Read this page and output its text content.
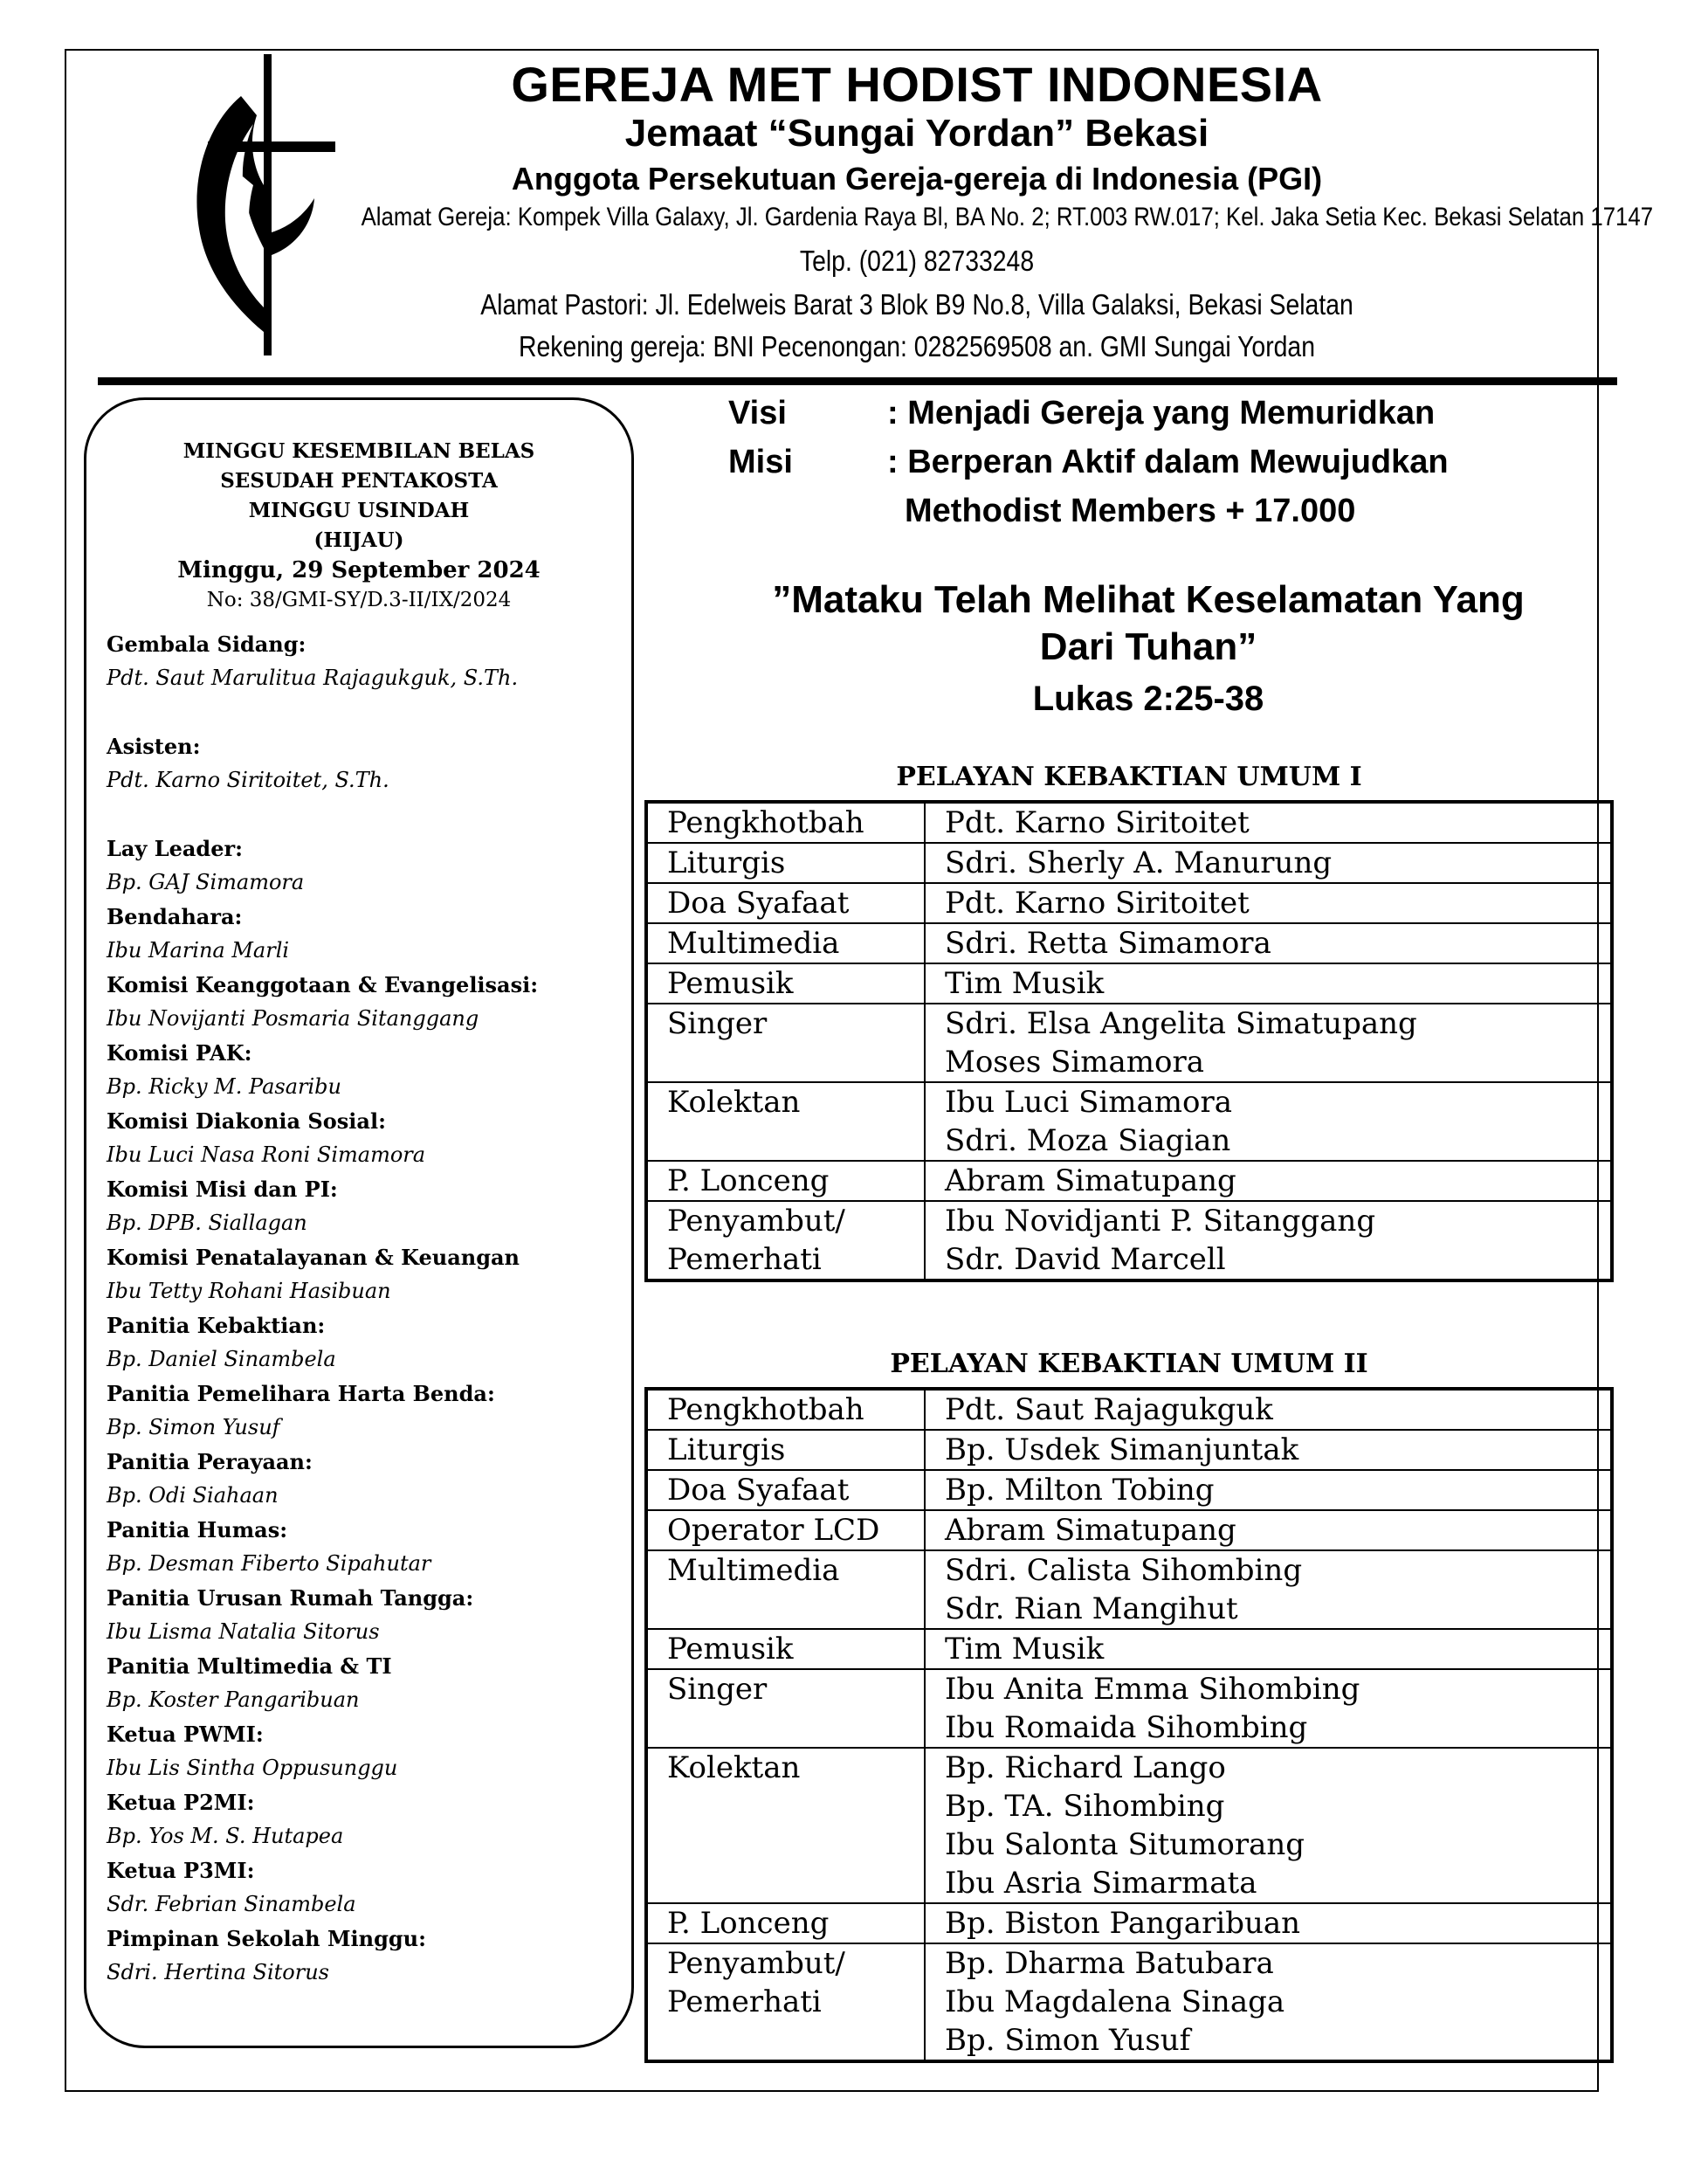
GEREJA MET HODIST INDONESIA
Jemaat “Sungai Yordan” Bekasi
Anggota Persekutuan Gereja-gereja di Indonesia (PGI)
Alamat Gereja: Kompek Villa Galaxy, Jl. Gardenia Raya Bl, BA No. 2; RT.003 RW.017; Kel. Jaka Setia Kec. Bekasi Selatan 17147
Telp. (021) 82733248
Alamat Pastori: Jl. Edelweis Barat 3 Blok B9 No.8, Villa Galaksi, Bekasi Selatan
Rekening gereja: BNI Pecenongan: 0282569508 an. GMI Sungai Yordan
MINGGU KESEMBILAN BELAS
SESUDAH PENTAKOSTA
MINGGU USINDAH
(HIJAU)
Minggu, 29 September 2024
No: 38/GMI-SY/D.3-II/IX/2024
Gembala Sidang:
Pdt. Saut Marulitua Rajagukguk, S.Th.
Asisten:
Pdt. Karno Siritoitet, S.Th.
Lay Leader:
Bp. GAJ Simamora
Bendahara:
Ibu Marina Marli
Komisi Keanggotaan & Evangelisasi:
Ibu Novijanti Posmaria Sitanggang
Komisi PAK:
Bp. Ricky M. Pasaribu
Komisi Diakonia Sosial:
Ibu Luci Nasa Roni Simamora
Komisi Misi dan PI:
Bp. DPB. Siallagan
Komisi Penatalayanan & Keuangan
Ibu Tetty Rohani Hasibuan
Panitia Kebaktian:
Bp. Daniel Sinambela
Panitia Pemelihara Harta Benda:
Bp. Simon Yusuf
Panitia Perayaan:
Bp. Odi Siahaan
Panitia Humas:
Bp. Desman Fiberto Sipahutar
Panitia Urusan Rumah Tangga:
Ibu Lisma Natalia Sitorus
Panitia Multimedia & TI
Bp. Koster Pangaribuan
Ketua PWMI:
Ibu Lis Sintha Oppusunggu
Ketua P2MI:
Bp. Yos M. S. Hutapea
Ketua P3MI:
Sdr. Febrian Sinambela
Pimpinan Sekolah Minggu:
Sdri. Hertina Sitorus
Visi	: Menjadi Gereja yang Memuridkan
Misi	: Berperan Aktif dalam Mewujudkan
Methodist Members + 17.000
”Mataku Telah Melihat Keselamatan Yang
Dari Tuhan”
Lukas 2:25-38
PELAYAN KEBAKTIAN UMUM I
Pengkhotbah	Pdt. Karno Siritoitet

Liturgis	Sdri. Sherly A. Manurung

Doa Syafaat	Pdt. Karno Siritoitet

Multimedia	Sdri. Retta Simamora

Pemusik	Tim Musik

Singer	Sdri. Elsa Angelita Simatupang
Moses Simamora

Kolektan	Ibu Luci Simamora
Sdri. Moza Siagian

P. Lonceng	Abram Simatupang

Penyambut/
Pemerhati	Ibu Novidjanti P. Sitanggang
Sdr. David Marcell
PELAYAN KEBAKTIAN UMUM II
Pengkhotbah	Pdt. Saut Rajagukguk

Liturgis	Bp. Usdek Simanjuntak

Doa Syafaat	Bp. Milton Tobing

Operator LCD	Abram Simatupang

Multimedia	Sdri. Calista Sihombing
Sdr. Rian Mangihut

Pemusik	Tim Musik

Singer	Ibu Anita Emma Sihombing
Ibu Romaida Sihombing

Kolektan	Bp. Richard Lango
Bp. TA. Sihombing
Ibu Salonta Situmorang
Ibu Asria Simarmata

P. Lonceng	Bp. Biston Pangaribuan

Penyambut/
Pemerhati	Bp. Dharma Batubara
Ibu Magdalena Sinaga
Bp. Simon Yusuf
